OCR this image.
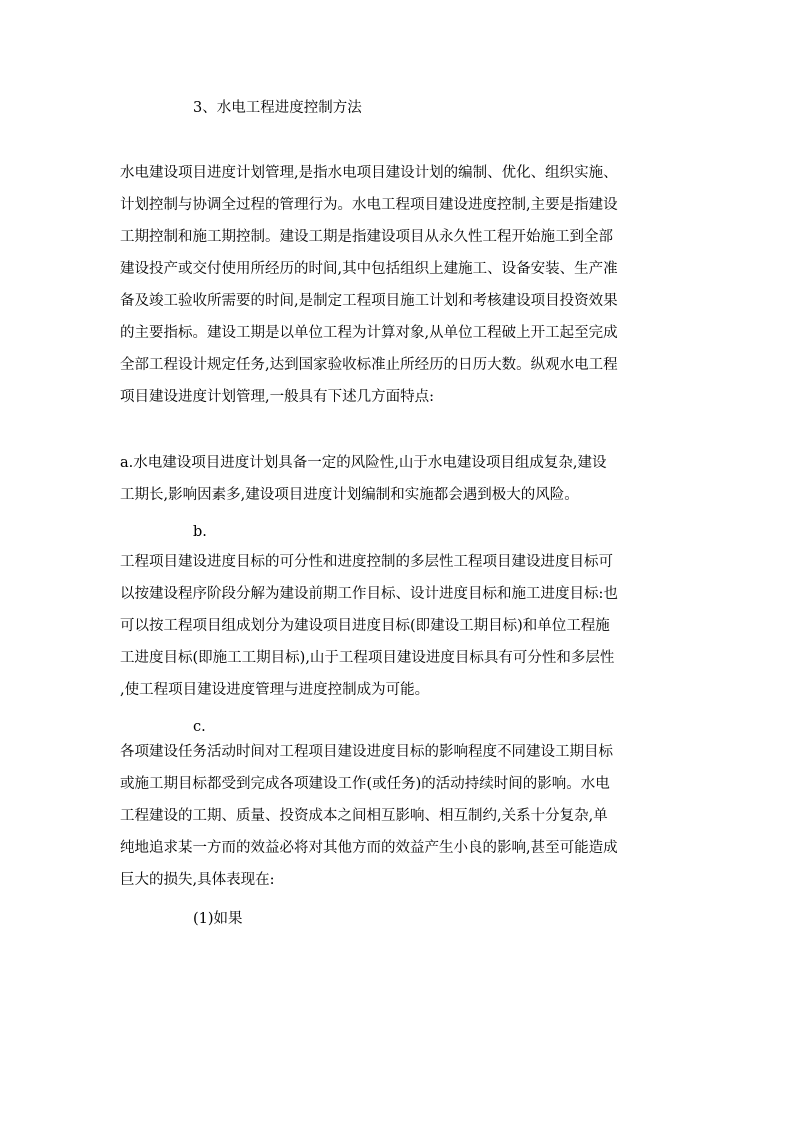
3、水电工程进度控制方法
水电建设项目进度计划管理,是指水电项目建设计划的编制、优化、组织实施、
计划控制与协调全过程的管理行为。水电工程项目建设进度控制,主要是指建设
工期控制和施工期控制。建设工期是指建设项目从永久性工程开始施工到全部
建设投产或交付使用所经历的时间,其中包括组织上建施工、设备安装、生产准
备及竣工验收所需要的时间,是制定工程项目施工计划和考核建设项目投资效果
的主要指标。建设工期是以单位工程为计算对象,从单位工程破上开工起至完成
全部工程设计规定任务,达到国家验收标准止所经历的日历大数。纵观水电工程
项目建设进度计划管理,一般具有下述几方面特点:
a.水电建设项目进度计划具备一定的风险性,山于水电建设项目组成复杂,建设
工期长,影响因素多,建设项目进度计划编制和实施都会遇到极大的风险。
b.
工程项目建设进度目标的可分性和进度控制的多层性工程项目建设进度目标可
以按建设程序阶段分解为建设前期工作目标、设计进度目标和施工进度目标:也
可以按工程项目组成划分为建设项目进度目标(即建设工期目标)和单位工程施
工进度目标(即施工工期目标),山于工程项目建设进度目标具有可分性和多层性
,使工程项目建设进度管理与进度控制成为可能。
c.
各项建设任务活动时间对工程项目建设进度目标的影响程度不同建设工期目标
或施工期目标都受到完成各项建设工作(或任务)的活动持续时间的影响。水电
工程建设的工期、质量、投资成本之间相互影响、相互制约,关系十分复杂,单
纯地追求某一方而的效益必将对其他方而的效益产生小良的影响,甚至可能造成
巨大的损失,具体表现在:
(1)如果
